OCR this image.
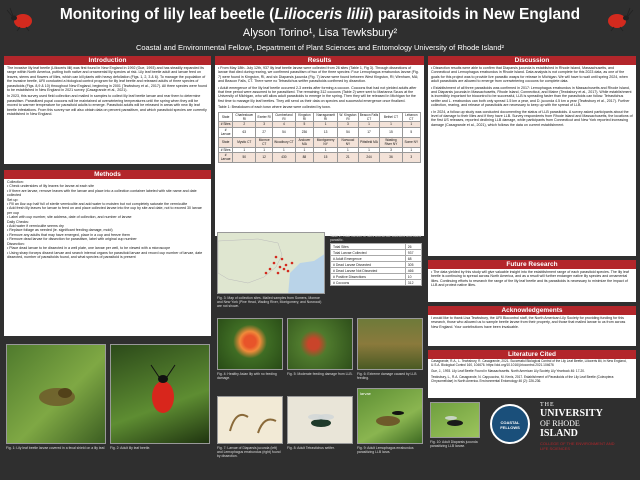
Monitoring of lily leaf beetle (Lilioceris lilii) parasitoids in New England
Alyson Torino¹, Lisa Tewksbury²
Coastal and Environmental Fellow¹, Department of Plant Sciences and Entomology University of Rhode Island²
Introduction

The invasive lily leaf beetle (Lilioceris lilii) was first found in New England in 1992 (Gue, 1993) and has steadily expanded its range within North America, putting both native and ornamental lily species at risk. Lily leaf beetle adult and larvae feed on leaves, stems and flowers of lilies, which can kill plants with heavy defoliation (Figs. 1, 2, 3 & 6). To manage the population of the invasive beetle, URI conducted a biological control program for lily leaf beetle and released adults of three species of parasitoids (Figs. 8,9 & 10) throughout New England, beginning in 2001 (Tewksbury et al., 2017). All three species were found to be established in New England in 2021 survey (Casagrande et al., 2021).

In 2023, this survey used field collection and mailed in samples to collect lily leaf beetle larvae and rear them to determine parasitism. Parasitized pupal cocoons will be maintained at overwintering temperatures until the spring when they will be moved to warmer temperature for parasitoid adults to emerge. Parasitoid adults will be released in areas with new lily leaf beetle infestations. From this survey we will also obtain data on percent parasitism, and which parasitoid species are currently established in New England.

Methods
Collection:
• Check undersides of lily leaves for larvae at each site
• If there are larvae, remove leaves with the larvae and place into a collection container labeled with site name and date collected
Set up:
• Fill an 8oz cup half full of sterile vermiculite and add water to moisten but not completely saturate the vermiculite
• Add fresh lily leaves for larvae to feed on and place collected larvae into the cup by site and date, not to exceed 30 larvae per cup
• Label with cup number, site address, date of collection, and number of larvae
Daily Checks:
• Add water if vermiculite seems dry
• Replace foliage as needed (ie. significant feeding damage, mold)
• Remove any adults that may have emerged, place in a cup and freeze them
• Remove dead larvae for dissection for parasitism, label with original cup number
Dissection:
• Place dead larvae to be dissected in a well plate, one larvae per well, to be viewed with a microscope
• Using sharp forceps dissect larvae and search internal organs for parasitoid larvae and record cup number of larvae, date dissected, number of parasitoids found, and what species of parasitoid is present
Fig. 1: Lily leaf beetle larvae covered in a fecal shield on a lily leaf. Fig. 2: Adult lily leaf beetle.
Results

• From May 18th- July 12th, 937 lily leaf beetle larvae were collected from 26 sites (Table 1, Fig 3). Through dissections of larvae that died during rearing, we confirmed parasitism of two of the three species: Four Lemophagus errabundus larvae (Fig. 7) were found in Kingston, RI, and six Diaparsis jucunda (Fig. 7) larvae were found between West Kingston, RI; Wenham, MA; and Beacon Falls, CT. There were no Tetrastichus setifer parasitoids confirmed by dissection.

• Adult emergence of the lily leaf beetle occurred 2-3 weeks after forming a cocoon. Cocoons that had not yielded adults after that time period were assumed to be parasitized. The remaining 312 cocoons (Table 2) were sent to Marianna Szucs at the University of Michigan, who will allow adult parasitoids to emerge in the spring. Then they will be released in Michigan for the first time to manage lily leaf beetles. They will send us their data on species and successful emergence once finalized.

Table 1: Breakdown of each town where larvae were collected by town.

State	Charlestown RI	Exeter RI	Cumberland RI	Kingston RI	Narragansett RI	W. Kingston RI	Beacon Falls CT	Bethel CT	Lebanon CT
# Sites	2	3	4	5	1	3	1	1	1
# Larvae	63	27	54	236	13	54	17	15	5
State	Mystic CT	Monroe CT	Woodbury CT	Andover MA	Montgomery NY	Norwood NY	Pittsfield MA	Wasting River NY	Some NY
# Sites	1	1	1	1	1	1	1	3	1
# Larvae	50	12	430	88	15	21	244	36	3
Fig. 3: Map of collection sites. Mailed samples from Somers, Monroe and New York (Pine Head, Wading River, Montgomery, and Norwood) are not shown.
Table 2: Total number of sites and larvae collected and found parasitic.
Total Sites	26
Total Larvae Collected	937
# Adult Emergence	68
# Dead Larvae Dissected	305
# Dead Larvae Not Dissected	466
# Positive Dissections	10
# Cocoons	312
Fig. 4: Healthy Asian lily with no feeding damage.
Fig. 5: Moderate feeding damage from LLB. Fig. 6: Extreme damage caused by LLB feeding.
Fig. 7: Larvae of Diaparsis jucunda (left) and Lemophagus errabundus (right) found by dissection.
Fig. 8: Adult Tetrastichus setifer.
larvae
Fig. 9: Adult Lemophagus errabundus parasitizing LLB larva.
Discussion

• Dissection results were able to confirm that Diaparsis jucunda is established in Rhode Island, Massachusetts, and Connecticut and Lemophagus errabundus in Rhode Island. Data analysis is not complete for this 2023 data, as one of the goals for this project was to provide live parasitic wasps for release in Michigan. We will have to wait until spring 2024, when adult parasitoids are allowed to emerge from overwintering cocoons for complete data.

• Establishment of all three parasitoids was confirmed in 2017: Lemophagus errabundus in Massachusetts and Rhode Island, and Diaparsis jucunda in Massachusetts, Rhode Island, Connecticut, and Maine (Tewksbury et al., 2017). While establishment is incredibly important for biocontrol to be successful, LLB is spreading faster than the parasitoids can follow. Tetrastichus setifer and L. errabundus can both only spread 1.5 km a year, and D. jucunda 4.5 km a year (Tewksbury et al., 2017). Further collection, rearing, and release of parasitoids are necessary to keep up with the spread of LLB.

• In 2024, a follow-up study was conducted documenting the status of LLB parasitoids. A survey asked participants about the level of damage to their lilies and if they have LLB. Survey respondents from Rhode Island and Massachusetts, the locations of the first US releases, reported declining LLB damage, while participants from Connecticut and New York reported increasing damage (Casagrande et al., 2021), which follows the data on current establishment.

Future Research

• The data yielded by this study will give valuable insight into the establishment range of each parasitoid species. The lily leaf beetle is continuing to spread across North America, and as a result will further endanger native lily species and ornamental lilies. Continuing efforts to research the range of the lily leaf beetle and its parasitoids is necessary to minimize the impact of LLB and protect native lilies.

Acknowledgements

I would like to thank Lisa Tewksbury, the URI Biocontrol staff, the North American Lily Society for providing funding for this research, those who allowed us to sample beetle larvae from their property, and those that mailed larvae to us from across New England. Your contributions have been invaluable.

Literature Cited

Casagrande, R.A., L. Tewksbury, R. Casagrande, 2021. Successful Biological Control of the Lily Leaf Beetle, Lilioceris lilii, in New England, U.S.A. Biological Control 160, 104676. https://doi.org/10.1016/j.biocontrol.2021.104676

Gue, J., 1993. Lily Leaf Beetle Found in Massachusetts. North American Lily Society Lily Yearbook 46: 17-20.

Tewksbury, L., R.A. Casagrande, N. Cappuccino, M. Kenis, 2017. Establishment of Parasitoids of the Lily Leaf Beetle (Coleoptera: Chrysomelidae) in North America. Environmental Entomology 46 (2): 226-236.

Fig. 10: Adult Diaparsis jucunda parasitizing LLB larvae.
COASTAL FELLOWS
THE
UNIVERSITY
OF RHODE
ISLAND
COLLEGE OF THE ENVIRONMENT AND LIFE SCIENCES
